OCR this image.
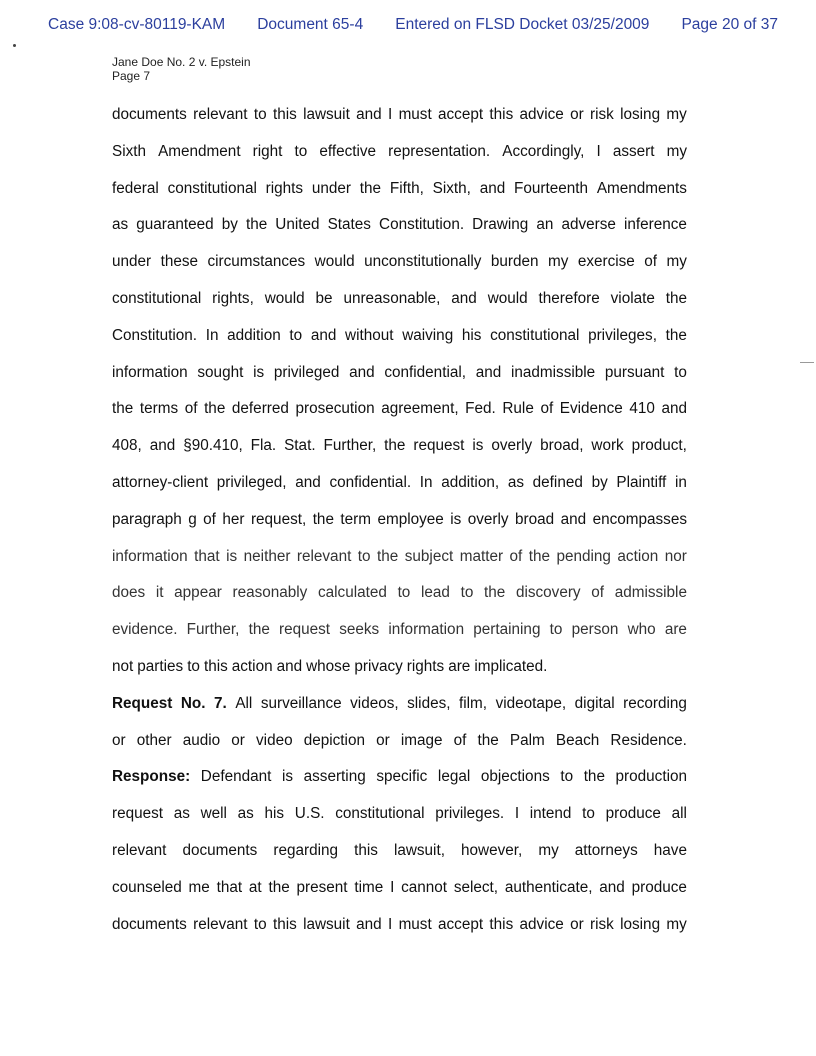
Case 9:08-cv-80119-KAM Document 65-4 Entered on FLSD Docket 03/25/2009 Page 20 of 37
Jane Doe No. 2 v. Epstein
Page 7
documents relevant to this lawsuit and I must accept this advice or risk losing my
Sixth Amendment right to effective representation. Accordingly, I assert my
federal constitutional rights under the Fifth, Sixth, and Fourteenth Amendments
as guaranteed by the United States Constitution. Drawing an adverse inference
under these circumstances would unconstitutionally burden my exercise of my
constitutional rights, would be unreasonable, and would therefore violate the
Constitution. In addition to and without waiving his constitutional privileges, the
information sought is privileged and confidential, and inadmissible pursuant to
the terms of the deferred prosecution agreement, Fed. Rule of Evidence 410 and
408, and §90.410, Fla. Stat. Further, the request is overly broad, work product,
attorney-client privileged, and confidential. In addition, as defined by Plaintiff in
paragraph g of her request, the term employee is overly broad and encompasses
information that is neither relevant to the subject matter of the pending action nor
does it appear reasonably calculated to lead to the discovery of admissible
evidence. Further, the request seeks information pertaining to person who are
not parties to this action and whose privacy rights are implicated.
Request No. 7. All surveillance videos, slides, film, videotape, digital recording
or other audio or video depiction or image of the Palm Beach Residence.
Response: Defendant is asserting specific legal objections to the production
request as well as his U.S. constitutional privileges. I intend to produce all
relevant documents regarding this lawsuit, however, my attorneys have
counseled me that at the present time I cannot select, authenticate, and produce
documents relevant to this lawsuit and I must accept this advice or risk losing my
